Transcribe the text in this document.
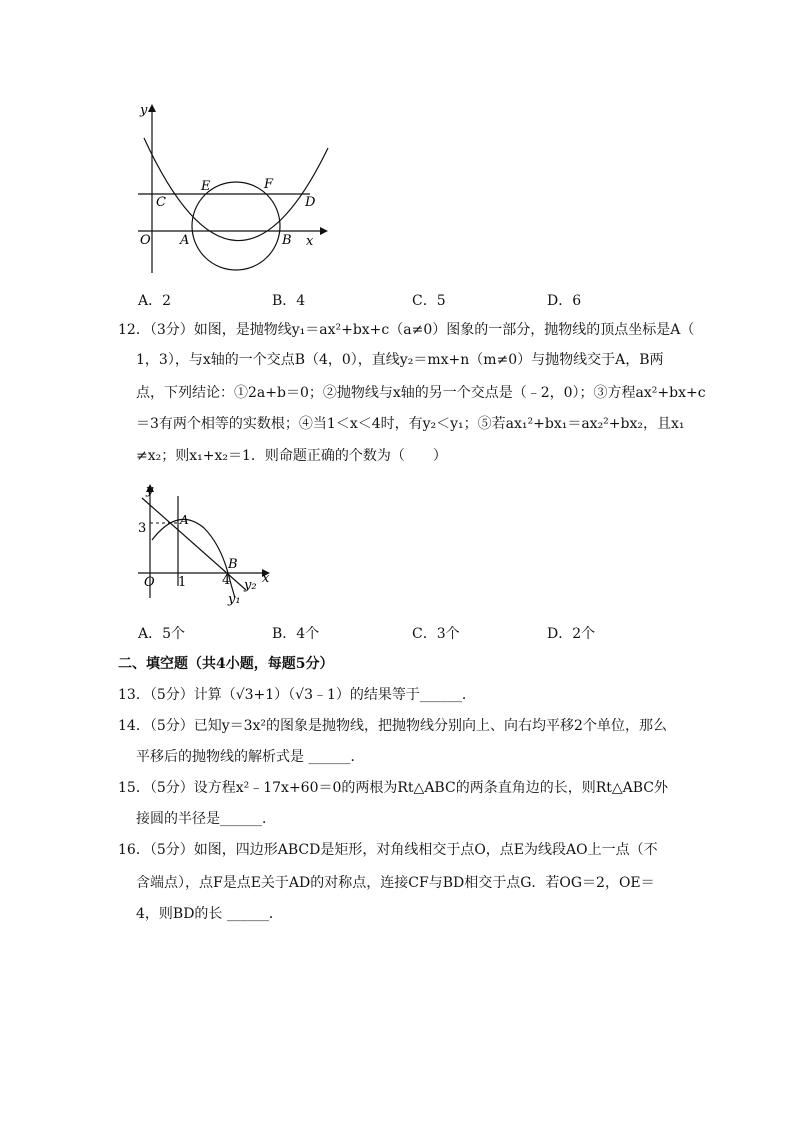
y
x
O A	B
C	D
E	F
A．2	B．4	C．5	D．6
12．（3分）如图，是抛物线y₁＝ax²+bx+c（a≠0）图象的一部分，抛物线的顶点坐标是A（
1，3），与x轴的一个交点B（4，0），直线y₂＝mx+n（m≠0）与抛物线交于A，B两
点，下列结论：①2a+b＝0；②抛物线与x轴的另一个交点是（﹣2，0）；③方程ax²+bx+c
＝3有两个相等的实数根；④当1＜x＜4时，有y₂＜y₁；⑤若ax₁²+bx₁＝ax₂²+bx₂，且x₁
≠x₂；则x₁+x₂＝1．则命题正确的个数为（　　）
y
x
O
A
B
3
1	4 y₂
y₁
A．5个	B．4个	C．3个	D．2个
二、填空题（共4小题，每题5分）
13．（5分）计算（√3+1）（√3﹣1）的结果等于______．
14．（5分）已知y＝3x²的图象是抛物线，把抛物线分别向上、向右均平移2个单位，那么
平移后的抛物线的解析式是 ______．
15．（5分）设方程x²﹣17x+60＝0的两根为Rt△ABC的两条直角边的长，则Rt△ABC外
接圆的半径是______．
16．（5分）如图，四边形ABCD是矩形，对角线相交于点O，点E为线段AO上一点（不
含端点），点F是点E关于AD的对称点，连接CF与BD相交于点G．若OG＝2，OE＝
4，则BD的长 ______．
